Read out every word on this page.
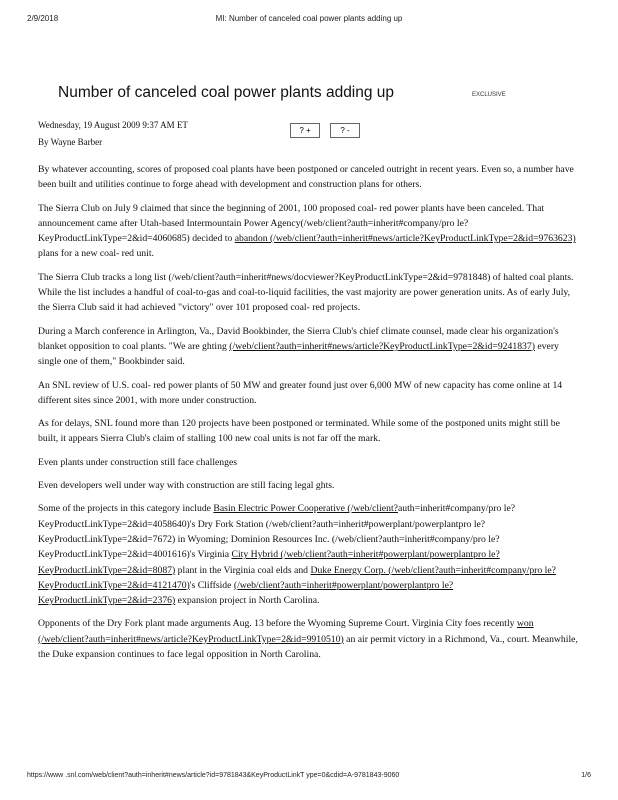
2/9/2018	MI: Number of canceled coal power plants adding up
Number of canceled coal power plants adding up	EXCLUSIVE
Wednesday, 19 August 2009 9:37 AM ET
By Wayne Barber
? +	? -

By whatever accounting, scores of proposed coal plants have been postponed or canceled outright in recent years. Even so, a number have been built and utilities continue to forge ahead with development and construction plans for others.

The Sierra Club on July 9 claimed that since the beginning of 2001, 100 proposed coal- red power plants have been canceled. That announcement came after Utah-based Intermountain Power Agency(/web/client?auth=inherit#company/pro le?KeyProductLinkType=2&id=4060685) decided to abandon (/web/client?auth=inherit#news/article?KeyProductLinkType=2&id=9763623) plans for a new coal- red unit.

The Sierra Club tracks a long list (/web/client?auth=inherit#news/docviewer?KeyProductLinkType=2&id=9781848) of halted coal plants. While the list includes a handful of coal-to-gas and coal-to-liquid facilities, the vast majority are power generation units. As of early July, the Sierra Club said it had achieved "victory" over 101 proposed coal- red projects.

During a March conference in Arlington, Va., David Bookbinder, the Sierra Club's chief climate counsel, made clear his organization's blanket opposition to coal plants. "We are ghting (/web/client?auth=inherit#news/article?KeyProductLinkType=2&id=9241837) every single one of them," Bookbinder said.

An SNL review of U.S. coal- red power plants of 50 MW and greater found just over 6,000 MW of new capacity has come online at 14 different sites since 2001, with more under construction.

As for delays, SNL found more than 120 projects have been postponed or terminated. While some of the postponed units might still be built, it appears Sierra Club's claim of stalling 100 new coal units is not far off the mark.

Even plants under construction still face challenges

Even developers well under way with construction are still facing legal ghts.

Some of the projects in this category include Basin Electric Power Cooperative (/web/client?auth=inherit#company/pro le?KeyProductLinkType=2&id=4058640)'s Dry Fork Station (/web/client?auth=inherit#powerplant/powerplantpro le?KeyProductLinkType=2&id=7672) in Wyoming; Dominion Resources Inc. (/web/client?auth=inherit#company/pro le?KeyProductLinkType=2&id=4001616)'s Virginia City Hybrid (/web/client?auth=inherit#powerplant/powerplantpro le?KeyProductLinkType=2&id=8087) plant in the Virginia coal elds and Duke Energy Corp. (/web/client?auth=inherit#company/pro le?KeyProductLinkType=2&id=4121470)'s Cliffside (/web/client?auth=inherit#powerplant/powerplantpro le?KeyProductLinkType=2&id=2376) expansion project in North Carolina.

Opponents of the Dry Fork plant made arguments Aug. 13 before the Wyoming Supreme Court. Virginia City foes recently won (/web/client?auth=inherit#news/article?KeyProductLinkType=2&id=9910510) an air permit victory in a Richmond, Va., court. Meanwhile, the Duke expansion continues to face legal opposition in North Carolina.

https://www .snl.com/web/client?auth=inherit#news/article?id=9781843&KeyProductLinkT ype=0&cdid=A-9781843-9060	1/6
